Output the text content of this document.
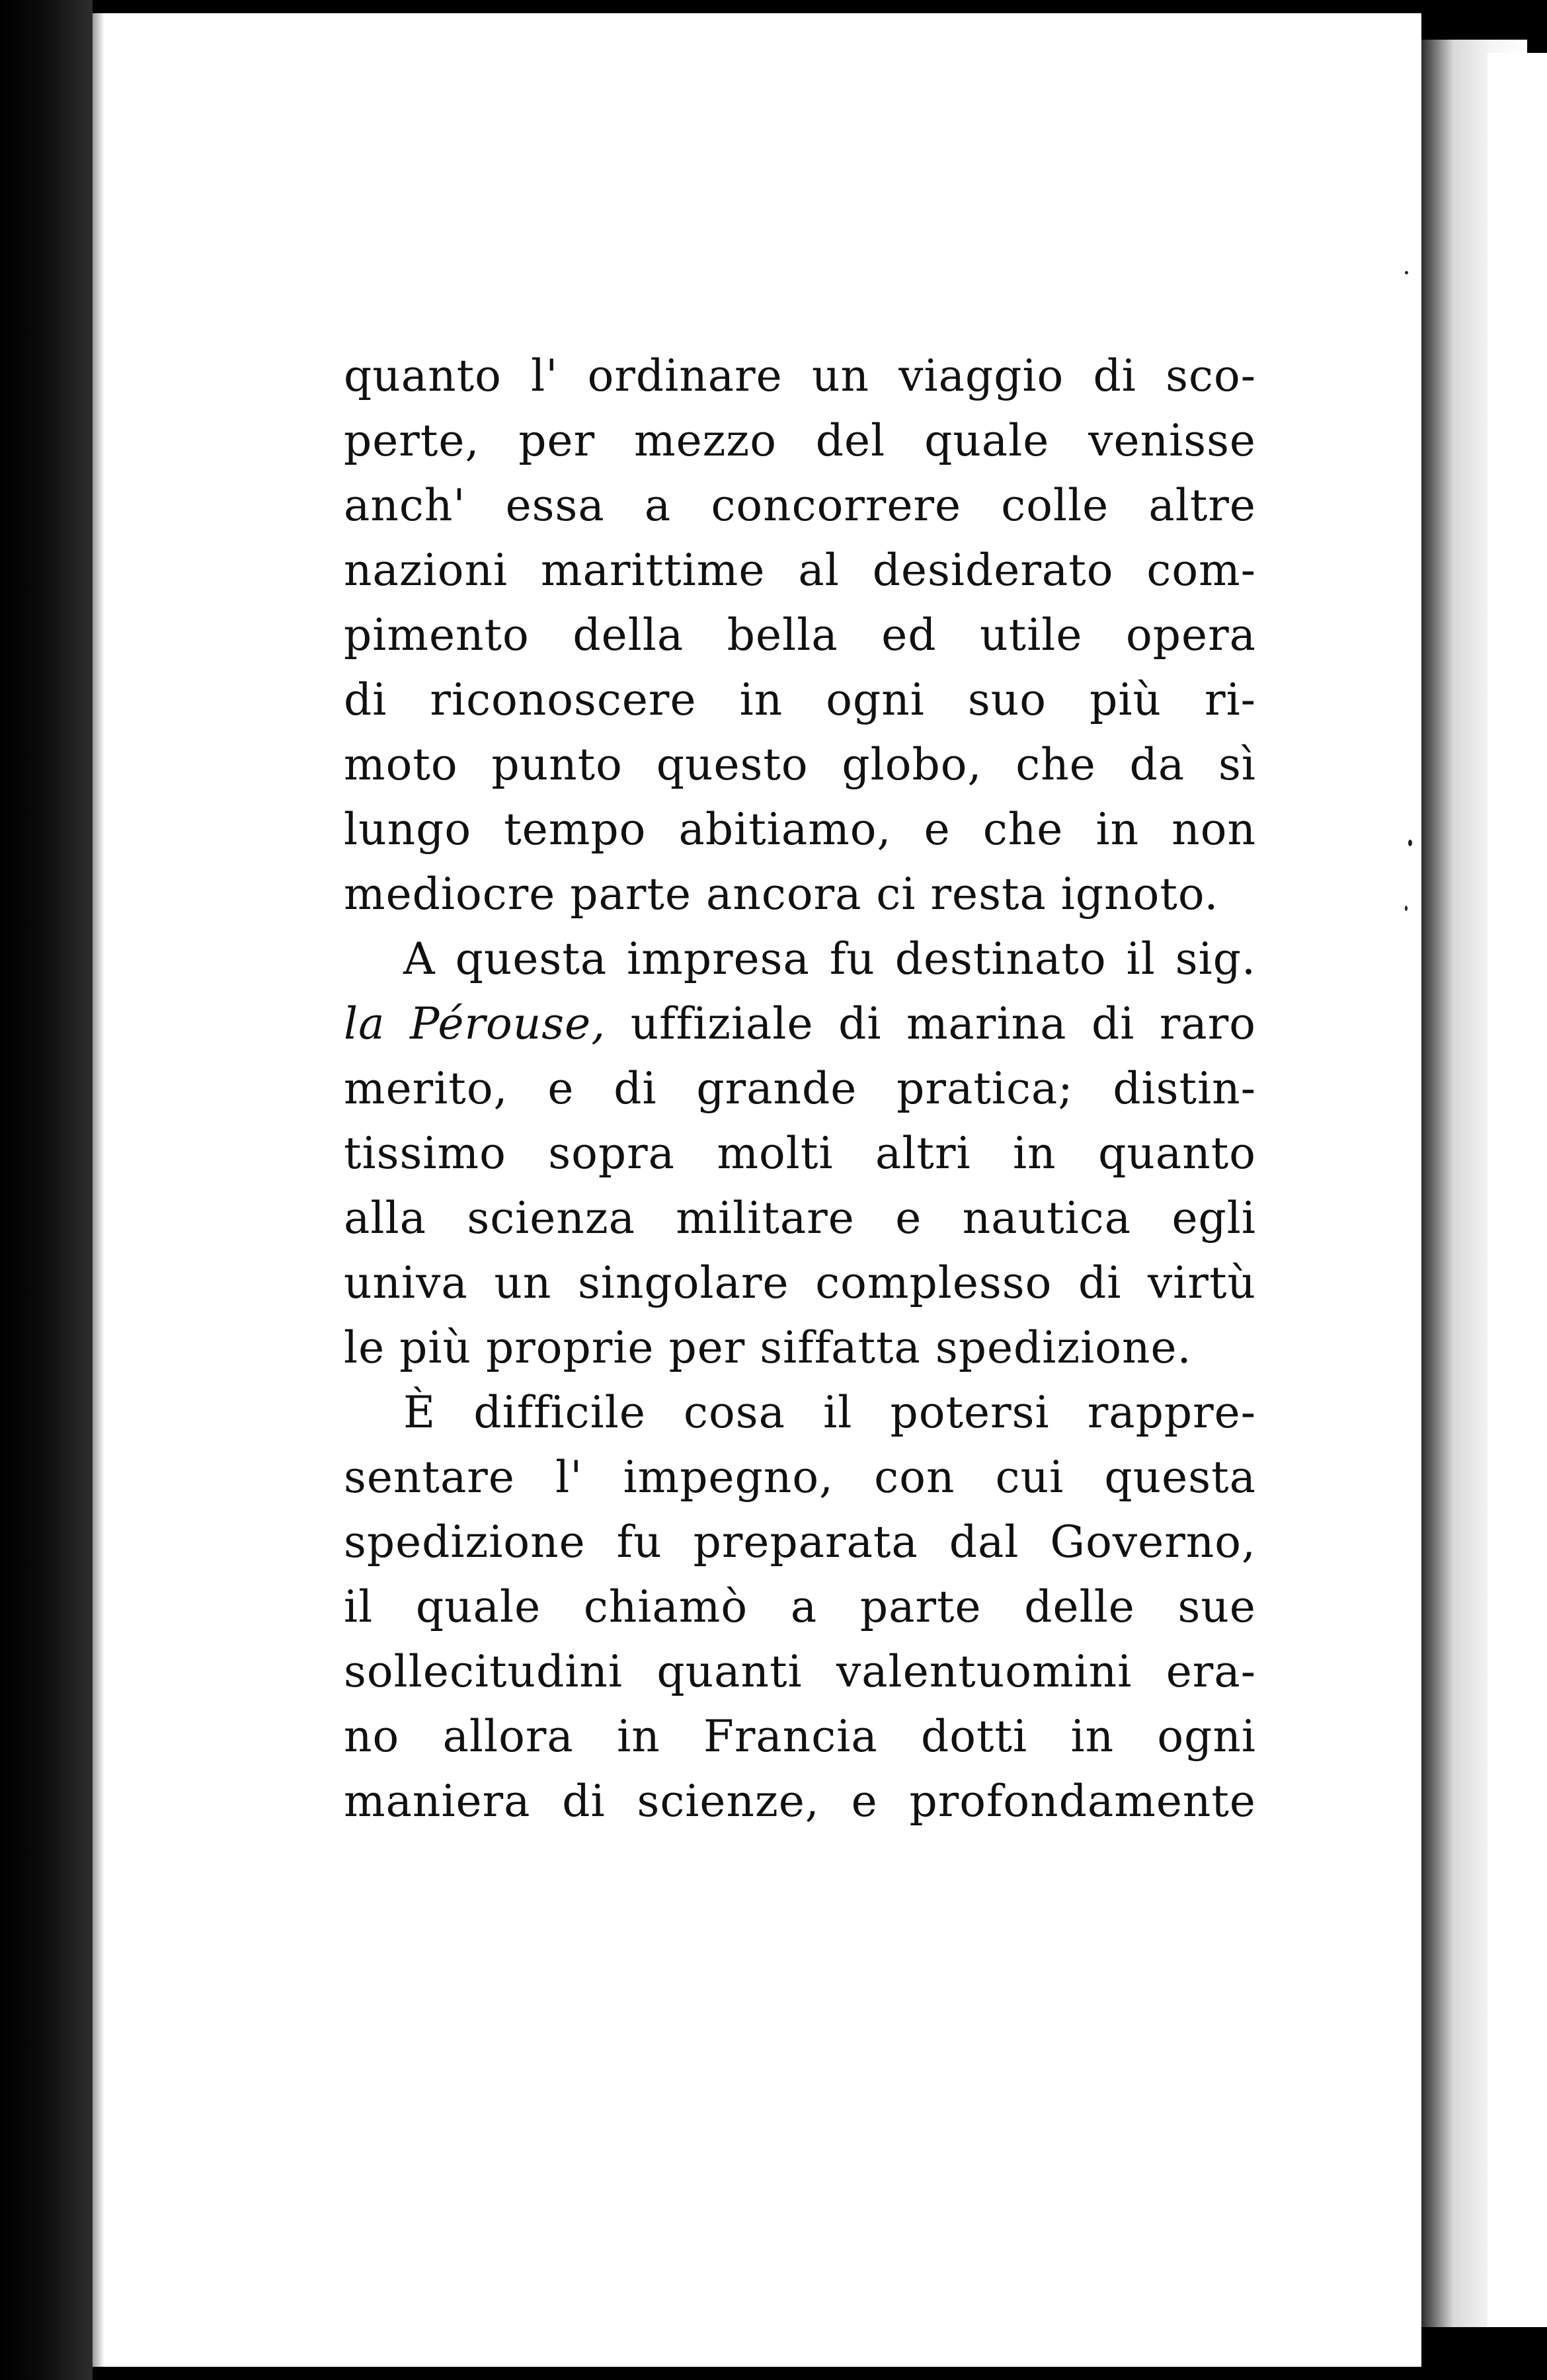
quanto l' ordinare un viaggio di sco-
perte, per mezzo del quale venisse
anch' essa a concorrere colle altre
nazioni marittime al desiderato com-
pimento della bella ed utile opera
di riconoscere in ogni suo più ri-
moto punto questo globo, che da sì
lungo tempo abitiamo, e che in non
mediocre parte ancora ci resta ignoto.
A questa impresa fu destinato il sig.
la Pérouse, uffiziale di marina di raro
merito, e di grande pratica; distin-
tissimo sopra molti altri in quanto
alla scienza militare e nautica egli
univa un singolare complesso di virtù
le più proprie per siffatta spedizione.
È difficile cosa il potersi rappre-
sentare l' impegno, con cui questa
spedizione fu preparata dal Governo,
il quale chiamò a parte delle sue
sollecitudini quanti valentuomini era-
no allora in Francia dotti in ogni
maniera di scienze, e profondamente
